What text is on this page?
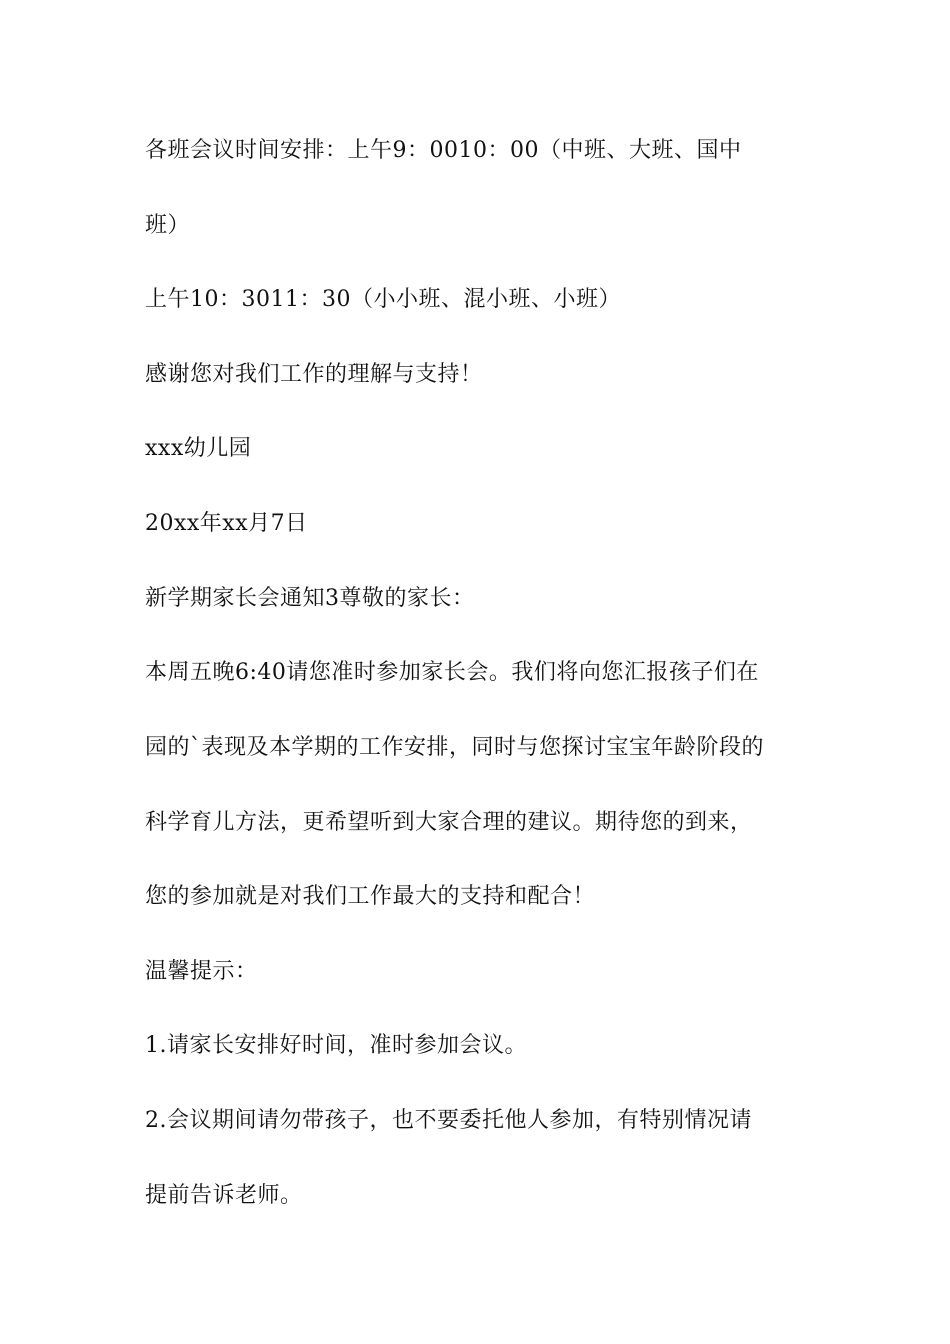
各班会议时间安排：上午9：0010：00（中班、大班、国中
班）
上午10：3011：30（小小班、混小班、小班）
感谢您对我们工作的理解与支持！
xxx幼儿园
20xx年xx月7日
新学期家长会通知3尊敬的家长：
本周五晚6:40请您准时参加家长会。我们将向您汇报孩子们在
园的`表现及本学期的工作安排，同时与您探讨宝宝年龄阶段的
科学育儿方法，更希望听到大家合理的建议。期待您的到来，
您的参加就是对我们工作最大的支持和配合！
温馨提示：
1.请家长安排好时间，准时参加会议。
2.会议期间请勿带孩子，也不要委托他人参加，有特别情况请
提前告诉老师。
